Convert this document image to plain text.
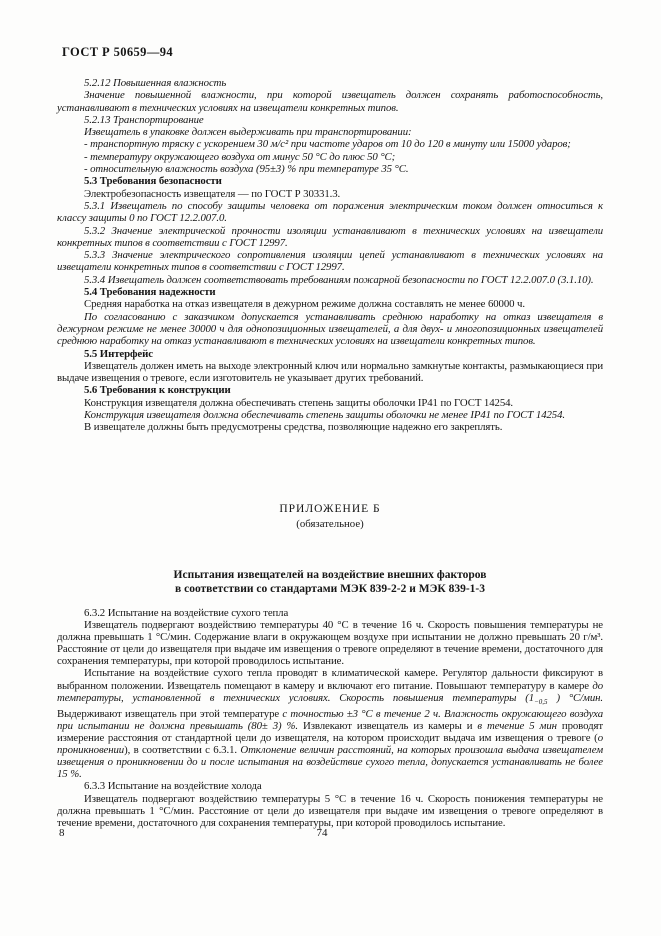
ГОСТ Р 50659—94
5.2.12 Повышенная влажность
Значение повышенной влажности, при которой извещатель должен сохранять работоспособность, устанавливают в технических условиях на извещатели конкретных типов.
5.2.13 Транспортирование
Извещатель в упаковке должен выдерживать при транспортировании:
- транспортную тряску с ускорением 30 м/с² при частоте ударов от 10 до 120 в минуту или 15000 ударов;
- температуру окружающего воздуха от минус 50 °С до плюс 50 °С;
- относительную влажность воздуха (95±3) % при температуре 35 °С.
5.3 Требования безопасности
Электробезопасность извещателя — по ГОСТ Р 30331.3.
5.3.1 Извещатель по способу защиты человека от поражения электрическим током должен относиться к классу защиты 0 по ГОСТ 12.2.007.0.
5.3.2 Значение электрической прочности изоляции устанавливают в технических условиях на извещатели конкретных типов в соответствии с ГОСТ 12997.
5.3.3 Значение электрического сопротивления изоляции цепей устанавливают в технических условиях на извещатели конкретных типов в соответствии с ГОСТ 12997.
5.3.4 Извещатель должен соответствовать требованиям пожарной безопасности по ГОСТ 12.2.007.0 (3.1.10).
5.4 Требования надежности
Средняя наработка на отказ извещателя в дежурном режиме должна составлять не менее 60000 ч.
По согласованию с заказчиком допускается устанавливать среднюю наработку на отказ извещателя в дежурном режиме не менее 30000 ч для однопозиционных извещателей, а для двух- и многопозиционных извещателей среднюю наработку на отказ устанавливают в технических условиях на извещатели конкретных типов.
5.5 Интерфейс
Извещатель должен иметь на выходе электронный ключ или нормально замкнутые контакты, размыкающиеся при выдаче извещения о тревоге, если изготовитель не указывает других требований.
5.6 Требования к конструкции
Конструкция извещателя должна обеспечивать степень защиты оболочки IP41 по ГОСТ 14254.
Конструкция извещателя должна обеспечивать степень защиты оболочки не менее IP41 по ГОСТ 14254.
В извещателе должны быть предусмотрены средства, позволяющие надежно его закреплять.
ПРИЛОЖЕНИЕ Б
(обязательное)
Испытания извещателей на воздействие внешних факторов
в соответствии со стандартами МЭК 839-2-2 и МЭК 839-1-3
6.3.2 Испытание на воздействие сухого тепла
Извещатель подвергают воздействию температуры 40 °С в течение 16 ч. Скорость повышения температуры не должна превышать 1 °С/мин. Содержание влаги в окружающем воздухе при испытании не должно превышать 20 г/м³. Расстояние от цели до извещателя при выдаче им извещения о тревоге определяют в течение времени, достаточного для сохранения температуры, при которой проводилось испытание.
Испытание на воздействие сухого тепла проводят в климатической камере. Регулятор дальности фиксируют в выбранном положении. Извещатель помещают в камеру и включают его питание. Повышают температуру в камере до температуры, установленной в технических условиях. Скорость повышения температуры ($1_{-0,5}$ ) °С/мин. Выдерживают извещатель при этой температуре с точностью ±3 °С в течение 2 ч. Влажность окружающего воздуха при испытании не должна превышать (80± 3) %. Извлекают извещатель из камеры и в течение 5 мин проводят измерение расстояния от стандартной цели до извещателя, на котором происходит выдача им извещения о тревоге (о проникновении), в соответствии с 6.3.1. Отклонение величин расстояний, на которых произошла выдача извещателем извещения о проникновении до и после испытания на воздействие сухого тепла, допускается устанавливать не более 15 %.
6.3.3 Испытание на воздействие холода
Извещатель подвергают воздействию температуры 5 °С в течение 16 ч. Скорость понижения температуры не должна превышать 1 °С/мин. Расстояние от цели до извещателя при выдаче им извещения о тревоге определяют в течение времени, достаточного для сохранения температуры, при которой проводилось испытание.
8	74
